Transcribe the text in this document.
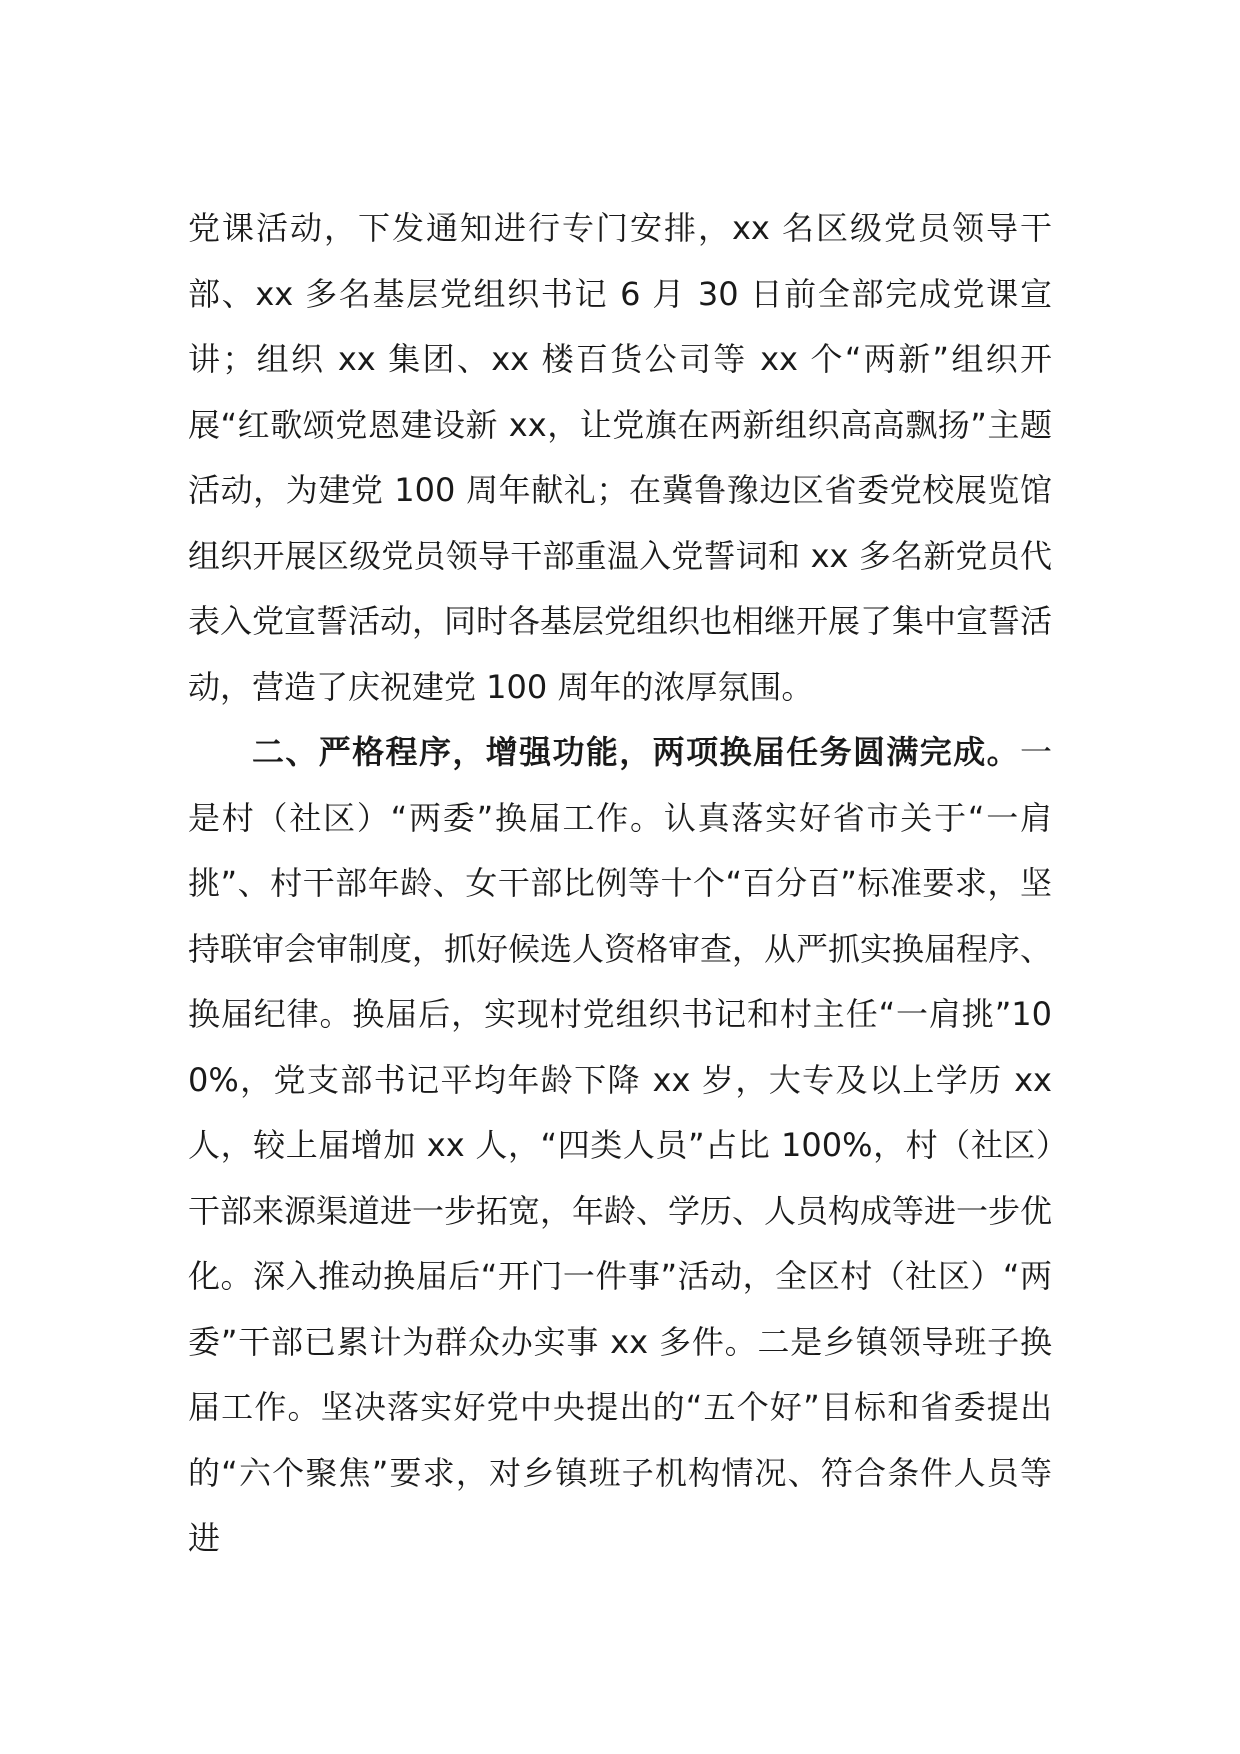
党课活动，下发通知进行专门安排，xx 名区级党员领导干部、xx 多名基层党组织书记 6 月 30 日前全部完成党课宣讲；组织 xx 集团、xx 楼百货公司等 xx 个“两新”组织开展“红歌颂党恩建设新 xx，让党旗在两新组织高高飘扬”主题活动，为建党 100 周年献礼；在冀鲁豫边区省委党校展览馆组织开展区级党员领导干部重温入党誓词和 xx 多名新党员代表入党宣誓活动，同时各基层党组织也相继开展了集中宣誓活动，营造了庆祝建党 100 周年的浓厚氛围。

二、严格程序，增强功能，两项换届任务圆满完成。一是村（社区）“两委”换届工作。认真落实好省市关于“一肩挑”、村干部年龄、女干部比例等十个“百分百”标准要求，坚持联审会审制度，抓好候选人资格审查，从严抓实换届程序、换届纪律。换届后，实现村党组织书记和村主任“一肩挑”100%，党支部书记平均年龄下降 xx 岁，大专及以上学历 xx 人，较上届增加 xx 人，“四类人员”占比 100%，村（社区）干部来源渠道进一步拓宽，年龄、学历、人员构成等进一步优化。深入推动换届后“开门一件事”活动，全区村（社区）“两委”干部已累计为群众办实事 xx 多件。二是乡镇领导班子换届工作。坚决落实好党中央提出的“五个好”目标和省委提出的“六个聚焦”要求，对乡镇班子机构情况、符合条件人员等进
